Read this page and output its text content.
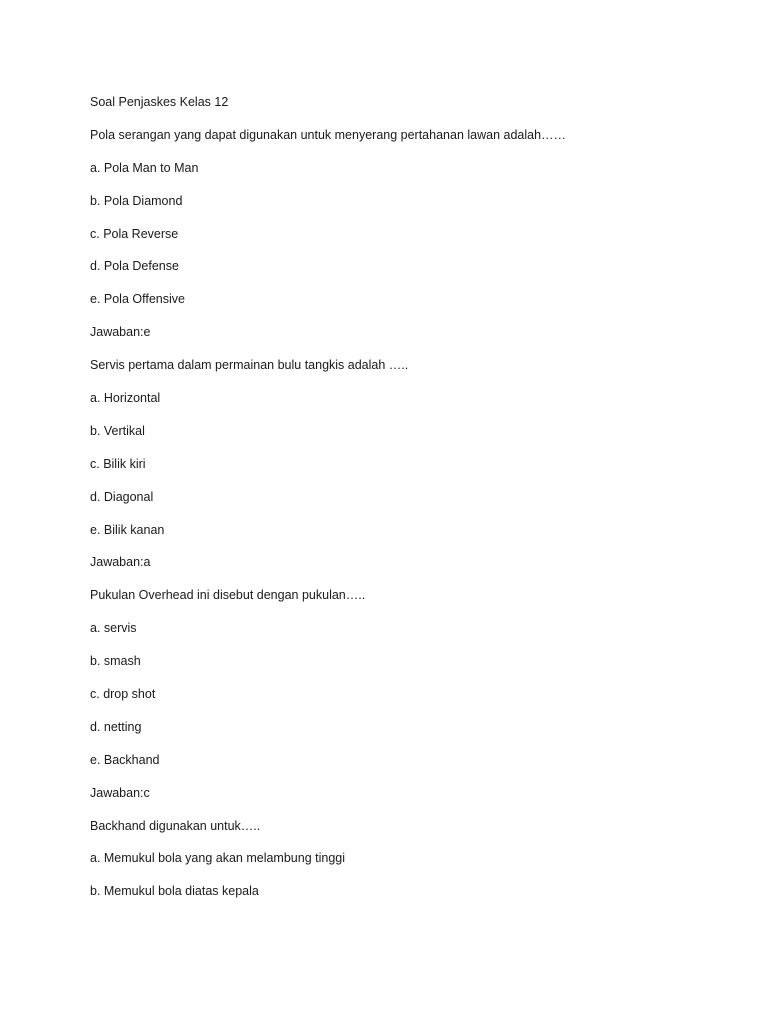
Soal Penjaskes Kelas 12
Pola serangan yang dapat digunakan untuk menyerang pertahanan lawan adalah……
a. Pola Man to Man
b. Pola Diamond
c. Pola Reverse
d. Pola Defense
e. Pola Offensive
Jawaban:e
Servis pertama dalam permainan bulu tangkis adalah …..
a. Horizontal
b. Vertikal
c. Bilik kiri
d. Diagonal
e. Bilik kanan
Jawaban:a
Pukulan Overhead ini disebut dengan pukulan…..
a. servis
b. smash
c. drop shot
d. netting
e. Backhand
Jawaban:c
Backhand digunakan untuk…..
a. Memukul bola yang akan melambung tinggi
b. Memukul bola diatas kepala
